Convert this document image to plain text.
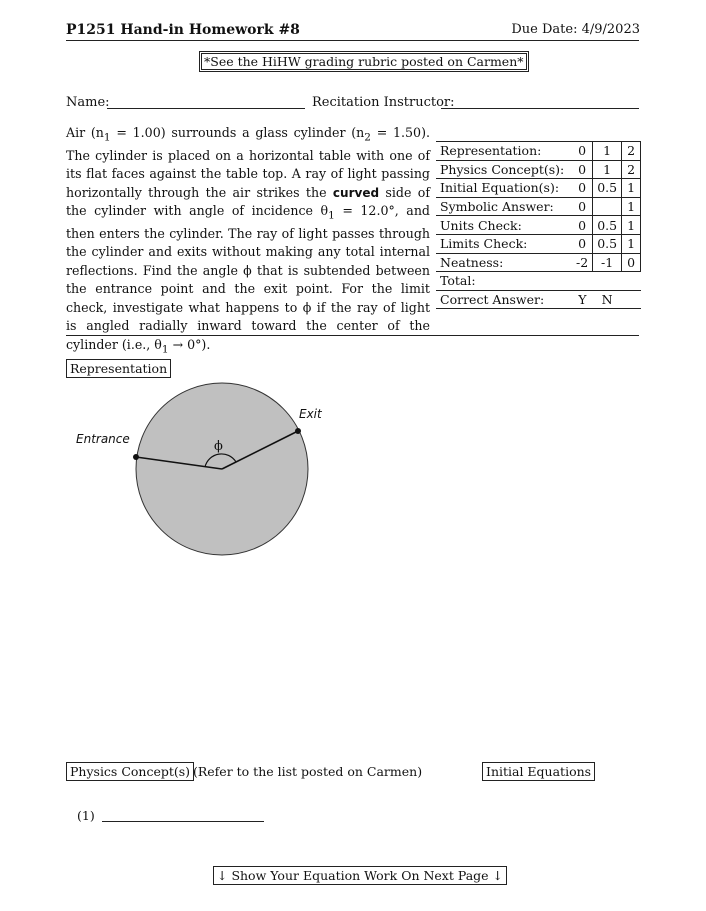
P1251 Hand-in Homework #8	Due Date: 4/9/2023
*See the HiHW grading rubric posted on Carmen*
Name:	Recitation Instructor:
Air $(n_1 = 1.00)$ surrounds a glass cylinder $(n_2 = 1.50)$. The cylinder is placed on a horizontal table with one of its flat faces against the table top. A ray of light passing horizontally through the air strikes the curved side of the cylinder with angle of incidence $\theta_1 = 12.0^\circ$, and then enters the cylinder. The ray of light passes through the cylinder and exits without making any total internal reflections. Find the angle ϕ that is subtended between the entrance point and the exit point. For the limit check, investigate what happens to ϕ if the ray of light is angled radially inward toward the center of the cylinder (i.e., $\theta_1 \to 0^\circ$).

Representation:	0	1	2
Physics Concept(s):	0	1	2
Initial Equation(s):	0	0.5	1
Symbolic Answer:	0		1
Units Check:	0	0.5	1
Limits Check:	0	0.5	1
Neatness:	-2	-1	0
Total:			
Correct Answer:	Y	N	
Representation
Entrance
Exit
ϕ
Physics Concept(s) (Refer to the list posted on Carmen)	Initial Equations
(1)
↓ Show Your Equation Work On Next Page ↓
